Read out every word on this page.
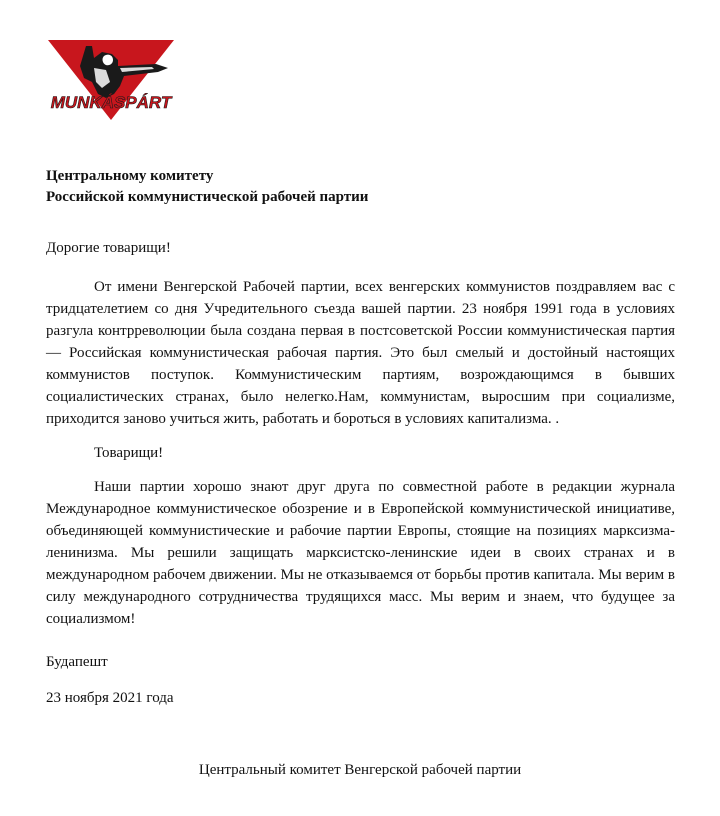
MUNKÁSPÁRT
Центральному комитету
Российской коммунистической рабочей партии
Дорогие товарищи!

От имени Венгерской Рабочей партии, всех венгерских коммунистов поздравляем вас с тридцателетием со дня Учредительного съезда вашей партии. 23 ноября 1991 года в условиях разгула контрреволюции была создана первая в постсоветской России коммунистическая партия — Российская коммунистическая рабочая партия. Это был смелый и достойный настоящих коммунистов поступок. Коммунистическим партиям, возрождающимся в бывших социалистических странах, было нелегко.Нам, коммунистам, выросшим при социализме, приходится заново учиться жить, работать и бороться в условиях капитализма. .

Товарищи!

Наши партии хорошо знают друг друга по совместной работе в редакции журнала Международное коммунистическое обозрение и в Европейской коммунистической инициативе, объединяющей коммунистические и рабочие партии Европы, стоящие на позициях марксизма-ленинизма. Мы решили защищать марксистско-ленинские идеи в своих странах и в международном рабочем движении. Мы не отказываемся от борьбы против капитала. Мы верим в силу международного сотрудничества трудящихся масс. Мы верим и знаем, что будущее за социализмом!

Будапешт
23 ноября 2021 года
Центральный комитет Венгерской рабочей партии
